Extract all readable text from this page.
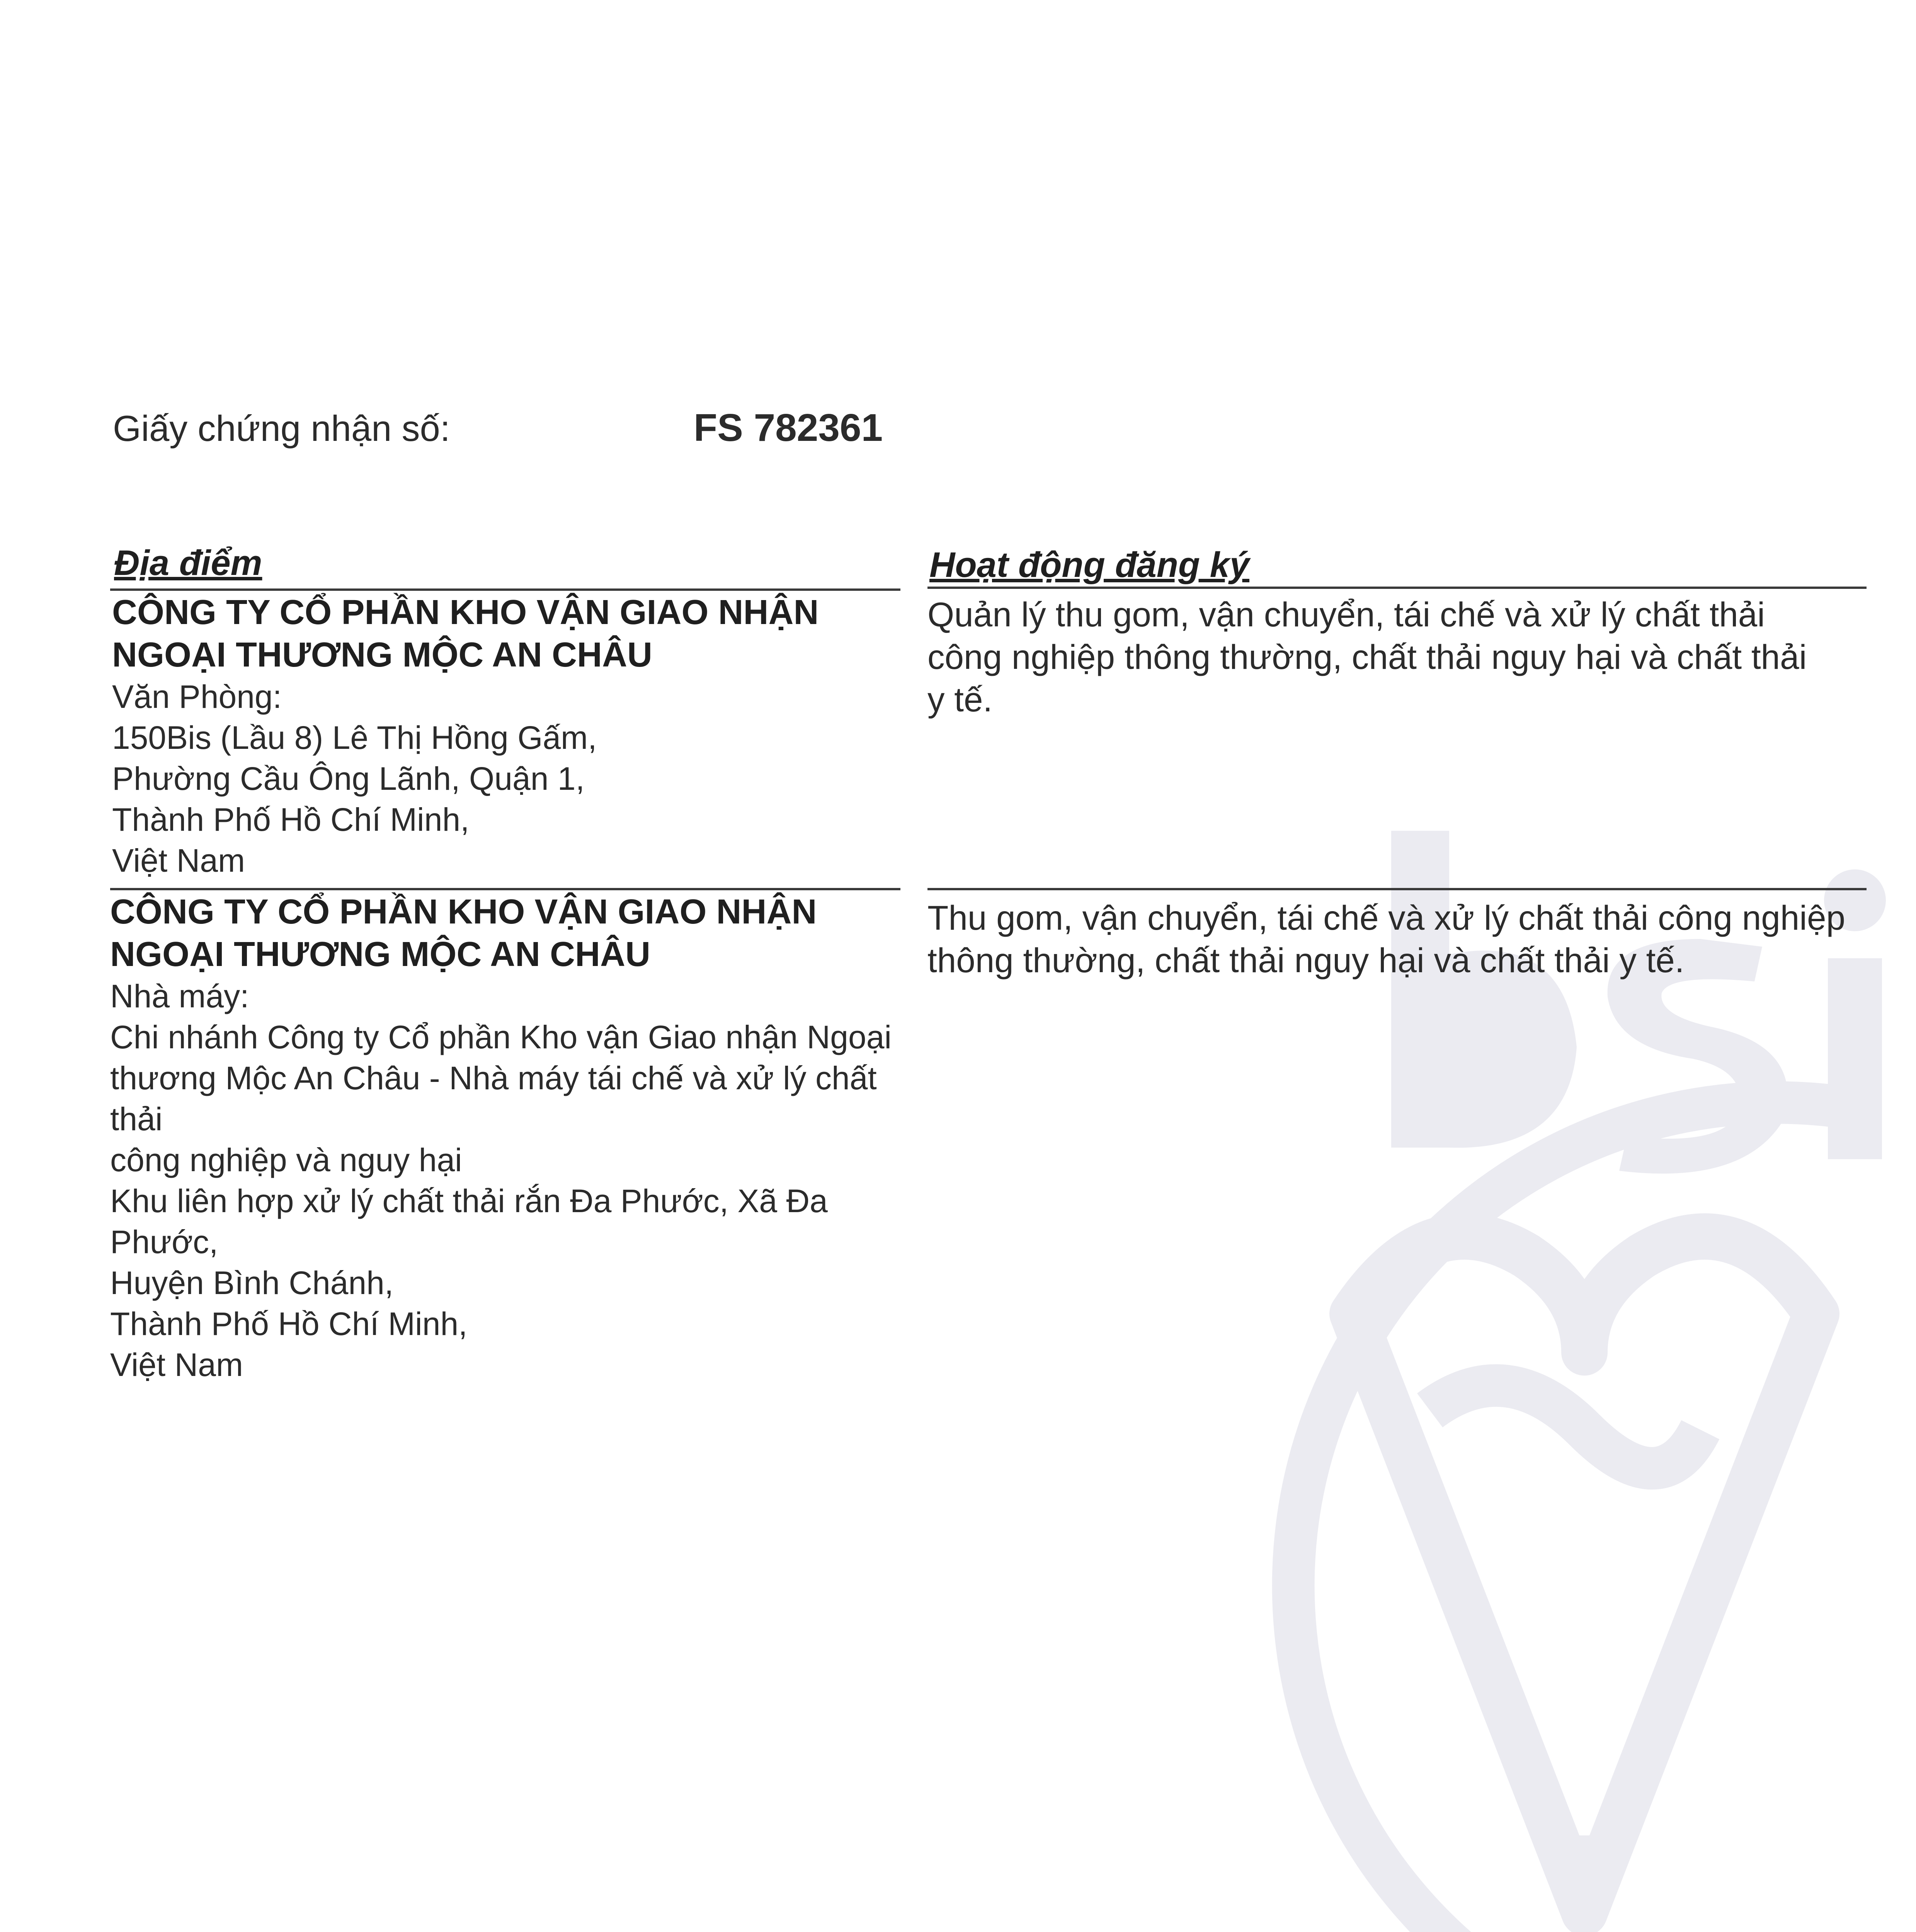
Giấy chứng nhận số:	FS 782361
Địa điểm	Hoạt động đăng ký
CÔNG TY CỔ PHẦN KHO VẬN GIAO NHẬN
NGOẠI THƯƠNG MỘC AN CHÂU
Văn Phòng:
150Bis (Lầu 8) Lê Thị Hồng Gấm,
Phường Cầu Ông Lãnh, Quận 1,
Thành Phố Hồ Chí Minh,
Việt Nam
Quản lý thu gom, vận chuyển, tái chế và xử lý chất thải
công nghiệp thông thường, chất thải nguy hại và chất thải
y tế.
CÔNG TY CỔ PHẦN KHO VẬN GIAO NHẬN
NGOẠI THƯƠNG MỘC AN CHÂU
Nhà máy:
Chi nhánh Công ty Cổ phần Kho vận Giao nhận Ngoại
thương Mộc An Châu - Nhà máy tái chế và xử lý chất thải
công nghiệp và nguy hại
Khu liên hợp xử lý chất thải rắn Đa Phước, Xã Đa Phước,
Huyện Bình Chánh,
Thành Phố Hồ Chí Minh,
Việt Nam
Thu gom, vận chuyển, tái chế và xử lý chất thải công nghiệp
thông thường, chất thải nguy hại và chất thải y tế.
